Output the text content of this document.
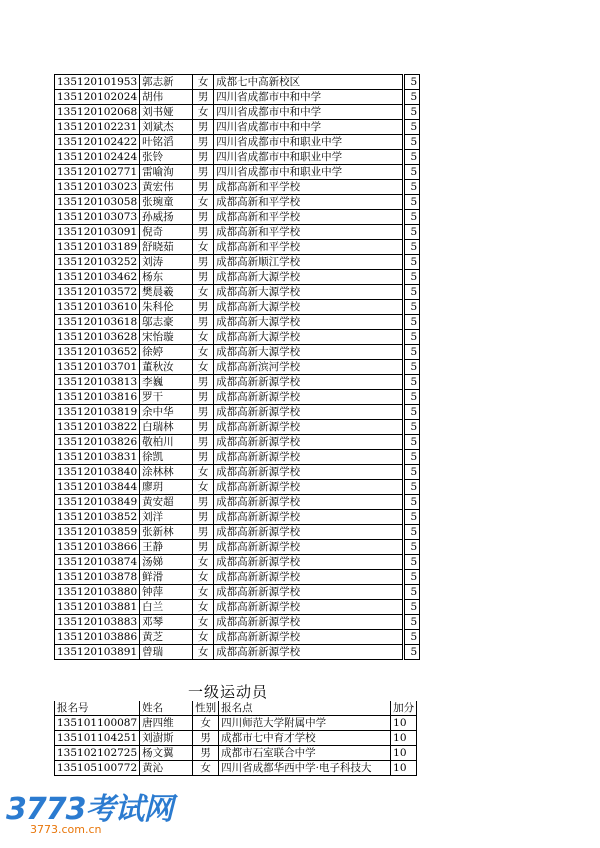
135120101953	郭志新	女	成都七中高新校区		5
135120102024	胡伟	男	四川省成都市中和中学		5
135120102068	刘书娅	女	四川省成都市中和中学		5
135120102231	刘斌杰	男	四川省成都市中和中学		5
135120102422	叶铭滔	男	四川省成都市中和职业中学		5
135120102424	张铃	男	四川省成都市中和职业中学		5
135120102771	雷喻洵	男	四川省成都市中和职业中学		5
135120103023	黄宏伟	男	成都高新和平学校		5
135120103058	张琬童	女	成都高新和平学校		5
135120103073	孙威扬	男	成都高新和平学校		5
135120103091	倪奇	男	成都高新和平学校		5
135120103189	舒晓茹	女	成都高新和平学校		5
135120103252	刘涛	男	成都高新顺江学校		5
135120103462	杨东	男	成都高新大源学校		5
135120103572	樊晨羲	女	成都高新大源学校		5
135120103610	朱科伦	男	成都高新大源学校		5
135120103618	邬志豪	男	成都高新大源学校		5
135120103628	宋怡璇	女	成都高新大源学校		5
135120103652	徐婷	女	成都高新大源学校		5
135120103701	董秋汝	女	成都高新滨河学校		5
135120103813	李巍	男	成都高新新源学校		5
135120103816	罗干	男	成都高新新源学校		5
135120103819	余中华	男	成都高新新源学校		5
135120103822	白瑞林	男	成都高新新源学校		5
135120103826	敬柏川	男	成都高新新源学校		5
135120103831	徐凯	男	成都高新新源学校		5
135120103840	涂林林	女	成都高新新源学校		5
135120103844	廖玥	女	成都高新新源学校		5
135120103849	黄安超	男	成都高新新源学校		5
135120103852	刘洋	男	成都高新新源学校		5
135120103859	张新林	男	成都高新新源学校		5
135120103866	王静	男	成都高新新源学校		5
135120103874	汤娣	女	成都高新新源学校		5
135120103878	鲜滑	女	成都高新新源学校		5
135120103880	钟萍	女	成都高新新源学校		5
135120103881	白兰	女	成都高新新源学校		5
135120103883	邓琴	女	成都高新新源学校		5
135120103886	黄芝	女	成都高新新源学校		5
135120103891	曾瑞	女	成都高新新源学校		5
一级运动员
报名号	姓名	性别	报名点	加分
135101100087	唐四维	女	四川师范大学附属中学	10
135101104251	刘澍斯	男	成都市七中育才学校	10
135102102725	杨文翼	男	成都市石室联合中学	10
135105100772	黄沁	女	四川省成都华西中学·电子科技大	10
3773考试网
3773.com.cn
